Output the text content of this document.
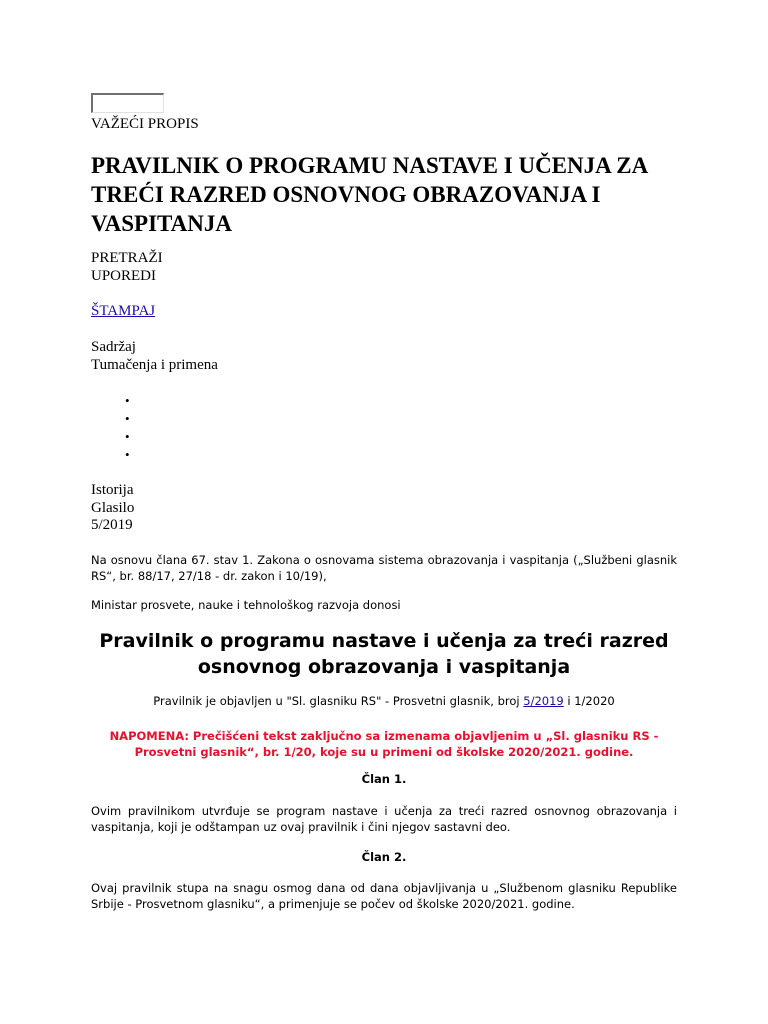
VAŽEĆI PROPIS
PRAVILNIK O PROGRAMU NASTAVE I UČENJA ZA TREĆI RAZRED OSNOVNOG OBRAZOVANJA I VASPITANJA
PRETRAŽI
UPOREDI
ŠTAMPAJ
Sadržaj
Tumačenja i primena
•
•
•
•
Istorija
Glasilo
5/2019

Na osnovu člana 67. stav 1. Zakona o osnovama sistema obrazovanja i vaspitanja („Službeni glasnik RS“, br. 88/17, 27/18 - dr. zakon i 10/19),

Ministar prosvete, nauke i tehnološkog razvoja donosi

Pravilnik o programu nastave i učenja za treći razred osnovnog obrazovanja i vaspitanja
Pravilnik je objavljen u "Sl. glasniku RS" - Prosvetni glasnik, broj 5/2019 i 1/2020

NAPOMENA: Prečišćeni tekst zaključno sa izmenama objavljenim u „Sl. glasniku RS - Prosvetni glasnik“, br. 1/20, koje su u primeni od školske 2020/2021. godine.

Član 1.

Ovim pravilnikom utvrđuje se program nastave i učenja za treći razred osnovnog obrazovanja i vaspitanja, koji je odštampan uz ovaj pravilnik i čini njegov sastavni deo.

Član 2.

Ovaj pravilnik stupa na snagu osmog dana od dana objavljivanja u „Službenom glasniku Republike Srbije - Prosvetnom glasniku“, a primenjuje se počev od školske 2020/2021. godine.
